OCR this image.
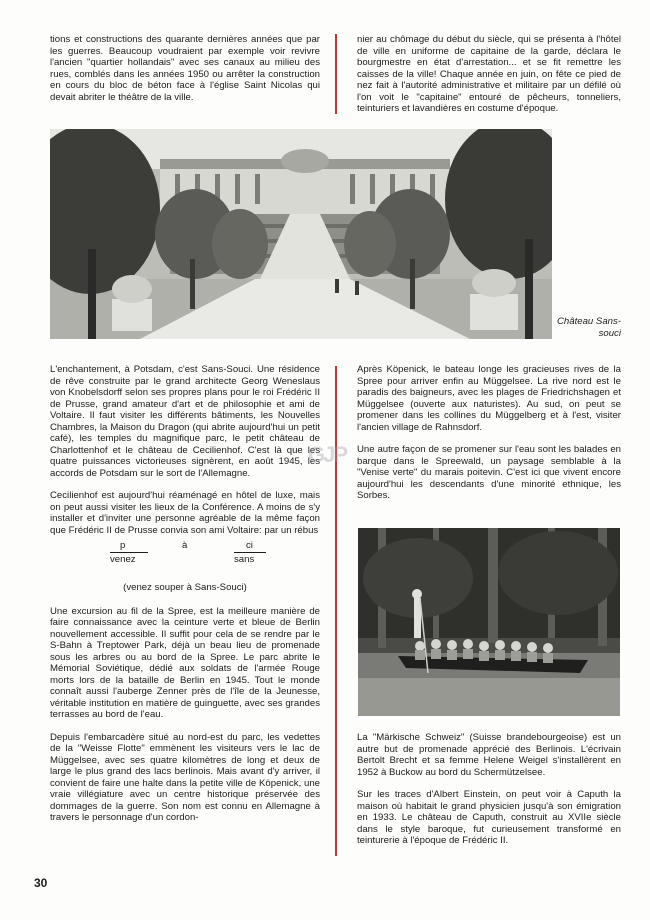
tions et constructions des quarante dernières années que par les guerres. Beaucoup voudraient par exemple voir revivre l'ancien "quartier hollandais" avec ses canaux au milieu des rues, comblés dans les années 1950 ou arrêter la construction en cours du bloc de béton face à l'église Saint Nicolas qui devait abriter le théâtre de la ville.

nier au chômage du début du siècle, qui se présenta à l'hôtel de ville en uniforme de capitaine de la garde, déclara le bourgmestre en état d'arrestation... et se fit remettre les caisses de la ville! Chaque année en juin, on fête ce pied de nez fait à l'autorité administrative et militaire par un défilé où l'on voit le "capitaine" entouré de pêcheurs, tonneliers, teinturiers et lavandières en costume d'époque.

Château Sans-souci

L'enchantement, à Potsdam, c'est Sans-Souci. Une résidence de rêve construite par le grand architecte Georg Weneslaus von Knobelsdorff selon ses propres plans pour le roi Frédéric II de Prusse, grand amateur d'art et de philosophie et ami de Voltaire. Il faut visiter les différents bâtiments, les Nouvelles Chambres, la Maison du Dragon (qui abrite aujourd'hui un petit café), les temples du magnifique parc, le petit château de Charlottenhof et le château de Cecilienhof. C'est là que les quatre puissances victorieuses signèrent, en août 1945, les accords de Potsdam sur le sort de l'Allemagne.

Cecilienhof est aujourd'hui réaménagé en hôtel de luxe, mais on peut aussi visiter les lieux de la Conférence. A moins de s'y installer et d'inviter une personne agréable de la même façon que Frédéric II de Prusse convia son ami Voltaire: par un rébus

p
venez
à	ci
sans

(venez souper à Sans-Souci)

Une excursion au fil de la Spree, est la meilleure manière de faire connaissance avec la ceinture verte et bleue de Berlin nouvellement accessible. Il suffit pour cela de se rendre par le S-Bahn à Treptower Park, déjà un beau lieu de promenade sous les arbres ou au bord de la Spree. Le parc abrite le Mémorial Soviétique, dédié aux soldats de l'armée Rouge morts lors de la bataille de Berlin en 1945. Tout le monde connaît aussi l'auberge Zenner près de l'île de la Jeunesse, véritable institution en matière de guinguette, avec ses grandes terrasses au bord de l'eau.

Depuis l'embarcadère situé au nord-est du parc, les vedettes de la "Weisse Flotte" emmènent les visiteurs vers le lac de Müggelsee, avec ses quatre kilomètres de long et deux de large le plus grand des lacs berlinois. Mais avant d'y arriver, il convient de faire une halte dans la petite ville de Köpenick, une vraie villégiature avec un centre historique préservée des dommages de la guerre. Son nom est connu en Allemagne à travers le personnage d'un cordon-

GJP

Après Köpenick, le bateau longe les gracieuses rives de la Spree pour arriver enfin au Müggelsee. La rive nord est le paradis des baigneurs, avec les plages de Friedrichshagen et Müggelsee (ouverte aux naturistes). Au sud, on peut se promener dans les collines du Müggelberg et à l'est, visiter l'ancien village de Rahnsdorf.

Une autre façon de se promener sur l'eau sont les balades en barque dans le Spreewald, un paysage semblable à la "Venise verte" du marais poitevin. C'est ici que vivent encore aujourd'hui les descendants d'une minorité ethnique, les Sorbes.

La "Märkische Schweiz" (Suisse brandebourgeoise) est un autre but de promenade apprécié des Berlinois. L'écrivain Bertolt Brecht et sa femme Helene Weigel s'installèrent en 1952 à Buckow au bord du Schermützelsee.

Sur les traces d'Albert Einstein, on peut voir à Caputh la maison où habitait le grand physicien jusqu'à son émigration en 1933. Le château de Caputh, construit au XVIIe siècle dans le style baroque, fut curieusement transformé en teinturerie à l'époque de Frédéric II.

30
